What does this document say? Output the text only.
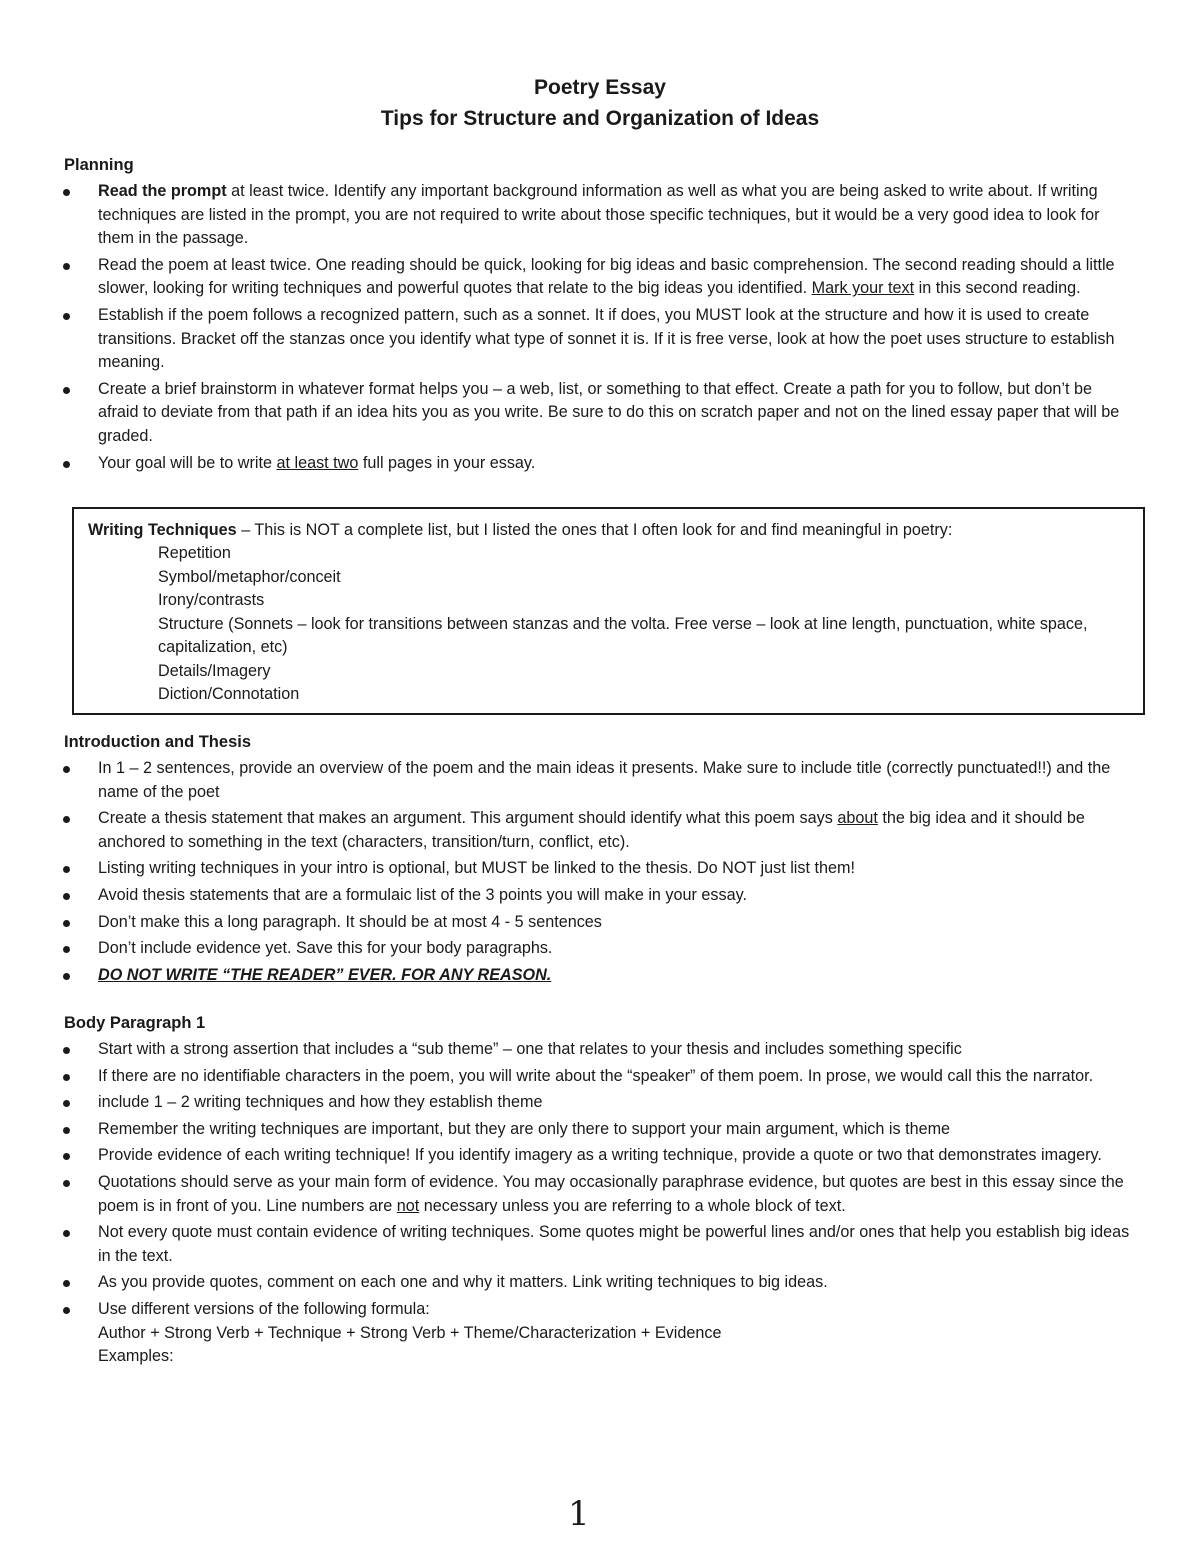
Poetry Essay
Tips for Structure and Organization of Ideas
Planning
Read the prompt at least twice. Identify any important background information as well as what you are being asked to write about. If writing techniques are listed in the prompt, you are not required to write about those specific techniques, but it would be a very good idea to look for them in the passage.
Read the poem at least twice. One reading should be quick, looking for big ideas and basic comprehension. The second reading should a little slower, looking for writing techniques and powerful quotes that relate to the big ideas you identified. Mark your text in this second reading.
Establish if the poem follows a recognized pattern, such as a sonnet. It if does, you MUST look at the structure and how it is used to create transitions. Bracket off the stanzas once you identify what type of sonnet it is. If it is free verse, look at how the poet uses structure to establish meaning.
Create a brief brainstorm in whatever format helps you – a web, list, or something to that effect. Create a path for you to follow, but don’t be afraid to deviate from that path if an idea hits you as you write. Be sure to do this on scratch paper and not on the lined essay paper that will be graded.
Your goal will be to write at least two full pages in your essay.
Writing Techniques – This is NOT a complete list, but I listed the ones that I often look for and find meaningful in poetry:
Repetition
Symbol/metaphor/conceit
Irony/contrasts
Structure (Sonnets – look for transitions between stanzas and the volta. Free verse – look at line length, punctuation, white space, capitalization, etc)
Details/Imagery
Diction/Connotation
Introduction and Thesis
In 1 – 2 sentences, provide an overview of the poem and the main ideas it presents. Make sure to include title (correctly punctuated!!) and the name of the poet
Create a thesis statement that makes an argument. This argument should identify what this poem says about the big idea and it should be anchored to something in the text (characters, transition/turn, conflict, etc).
Listing writing techniques in your intro is optional, but MUST be linked to the thesis. Do NOT just list them!
Avoid thesis statements that are a formulaic list of the 3 points you will make in your essay.
Don’t make this a long paragraph. It should be at most 4 - 5 sentences
Don’t include evidence yet. Save this for your body paragraphs.
DO NOT WRITE “THE READER” EVER. FOR ANY REASON.
Body Paragraph 1
Start with a strong assertion that includes a “sub theme” – one that relates to your thesis and includes something specific
If there are no identifiable characters in the poem, you will write about the “speaker” of them poem. In prose, we would call this the narrator.
include 1 – 2 writing techniques and how they establish theme
Remember the writing techniques are important, but they are only there to support your main argument, which is theme
Provide evidence of each writing technique! If you identify imagery as a writing technique, provide a quote or two that demonstrates imagery.
Quotations should serve as your main form of evidence. You may occasionally paraphrase evidence, but quotes are best in this essay since the poem is in front of you. Line numbers are not necessary unless you are referring to a whole block of text.
Not every quote must contain evidence of writing techniques. Some quotes might be powerful lines and/or ones that help you establish big ideas in the text.
As you provide quotes, comment on each one and why it matters. Link writing techniques to big ideas.
Use different versions of the following formula:
Author + Strong Verb + Technique + Strong Verb + Theme/Characterization + Evidence
Examples:
1
